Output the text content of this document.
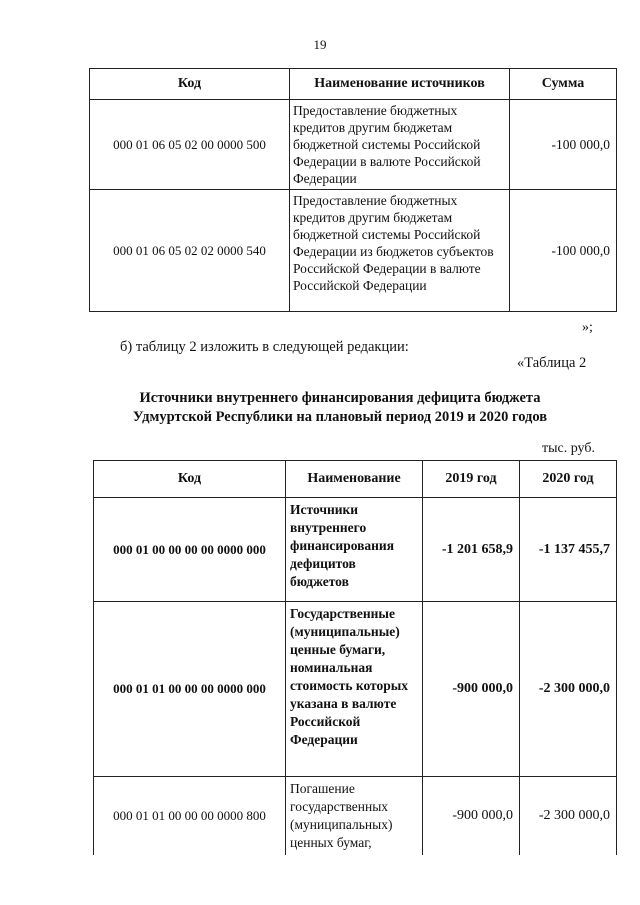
19
Код	Наименование источников	Сумма
000 01 06 05 02 00 0000 500	Предоставление бюджетных кредитов другим бюджетам бюджетной системы Российской Федерации в валюте Российской Федерации	-100 000,0
000 01 06 05 02 02 0000 540	Предоставление бюджетных кредитов другим бюджетам бюджетной системы Российской Федерации из бюджетов субъектов Российской Федерации в валюте Российской Федерации	-100 000,0
»;
б) таблицу 2 изложить в следующей редакции:
«Таблица 2
Источники внутреннего финансирования дефицита бюджета
Удмуртской Республики на плановый период 2019 и 2020 годов
тыс. руб.
Код	Наименование	2019 год	2020 год
000 01 00 00 00 00 0000 000	Источники внутреннего финансирования дефицитов бюджетов	-1 201 658,9	-1 137 455,7
000 01 01 00 00 00 0000 000	Государственные (муниципальные) ценные бумаги, номинальная стоимость которых указана в валюте Российской Федерации	-900 000,0	-2 300 000,0
000 01 01 00 00 00 0000 800	Погашение государственных (муниципальных) ценных бумаг,	-900 000,0	-2 300 000,0
